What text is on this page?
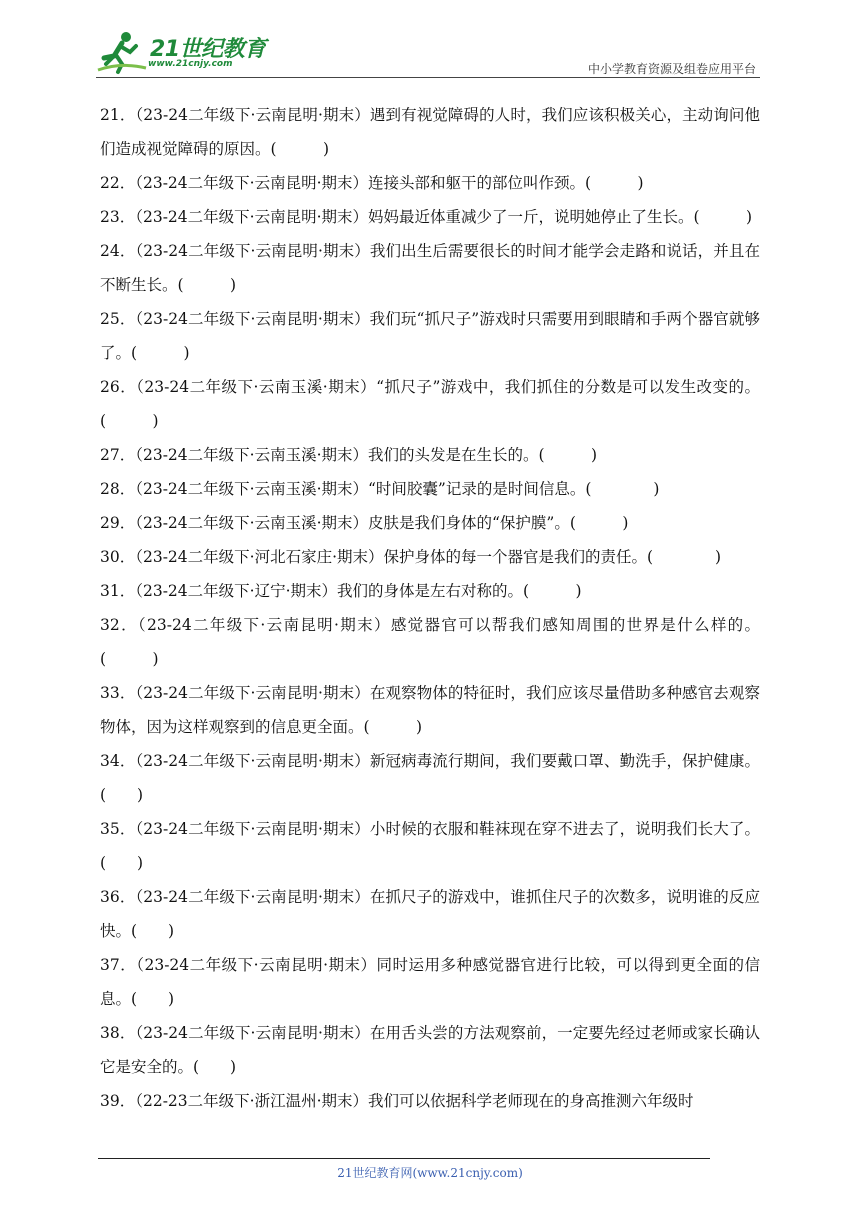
21世纪教育
www.21cnjy.com	中小学教育资源及组卷应用平台

21．（23-24二年级下·云南昆明·期末）遇到有视觉障碍的人时，我们应该积极关心，主动询问他们造成视觉障碍的原因。(　　　)

22．（23-24二年级下·云南昆明·期末）连接头部和躯干的部位叫作颈。(　　　)

23．（23-24二年级下·云南昆明·期末）妈妈最近体重减少了一斤，说明她停止了生长。(　　　)

24．（23-24二年级下·云南昆明·期末）我们出生后需要很长的时间才能学会走路和说话，并且在不断生长。(　　　)

25．（23-24二年级下·云南昆明·期末）我们玩“抓尺子”游戏时只需要用到眼睛和手两个器官就够了。(　　　)

26．（23-24二年级下·云南玉溪·期末）“抓尺子”游戏中，我们抓住的分数是可以发生改变的。(　　　)

27．（23-24二年级下·云南玉溪·期末）我们的头发是在生长的。(　　　)

28．（23-24二年级下·云南玉溪·期末）“时间胶囊”记录的是时间信息。(　　　　)

29．（23-24二年级下·云南玉溪·期末）皮肤是我们身体的“保护膜”。(　　　)

30．（23-24二年级下·河北石家庄·期末）保护身体的每一个器官是我们的责任。(　　　　)

31．（23-24二年级下·辽宁·期末）我们的身体是左右对称的。(　　　)

32．（23-24二年级下·云南昆明·期末）感觉器官可以帮我们感知周围的世界是什么样的。(　　　)

33．（23-24二年级下·云南昆明·期末）在观察物体的特征时，我们应该尽量借助多种感官去观察物体，因为这样观察到的信息更全面。(　　　)

34．（23-24二年级下·云南昆明·期末）新冠病毒流行期间，我们要戴口罩、勤洗手，保护健康。(　　)

35．（23-24二年级下·云南昆明·期末）小时候的衣服和鞋袜现在穿不进去了，说明我们长大了。(　　)

36．（23-24二年级下·云南昆明·期末）在抓尺子的游戏中，谁抓住尺子的次数多，说明谁的反应快。(　　)

37．（23-24二年级下·云南昆明·期末）同时运用多种感觉器官进行比较，可以得到更全面的信息。(　　)

38．（23-24二年级下·云南昆明·期末）在用舌头尝的方法观察前，一定要先经过老师或家长确认它是安全的。(　　)

39．（22-23二年级下·浙江温州·期末）我们可以依据科学老师现在的身高推测六年级时

21世纪教育网(www.21cnjy.com)
